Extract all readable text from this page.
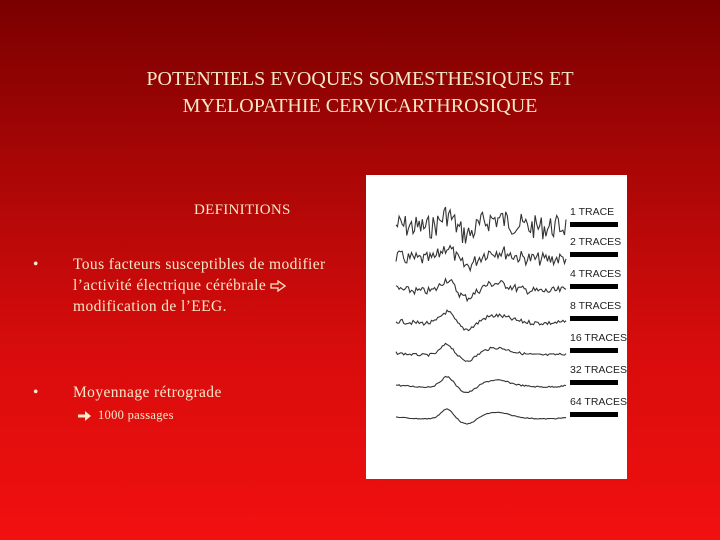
POTENTIELS EVOQUES SOMESTHESIQUES ET
MYELOPATHIE CERVICARTHROSIQUE
DEFINITIONS
• Tous facteurs susceptibles de modifier l’activité électrique cérébrale  modification de l’EEG.
• Moyennage rétrograde
1000 passages
1 TRACE
2 TRACES
4 TRACES
8 TRACES
16 TRACES
32 TRACES
64 TRACES
